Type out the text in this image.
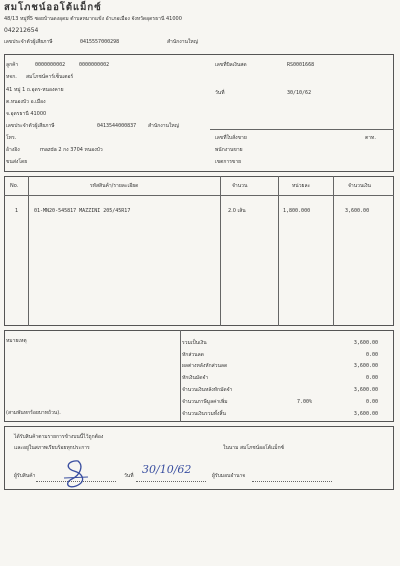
สมโภชน์ออโต้แม็กซ์
48/13 หมู่ที่5 ซอยบ้านดงอุดม ตำบลหมากแข้ง อำเภอเมือง จังหวัดอุดรธานี 41000
042212654
เลขประจำตัวผู้เสียภาษี	0415557000298	สำนักงานใหญ่
ลูกค้า	0000000002	0000000002
หจก. สมโภชน์คาร์เซ็นเตอร์
41 หมู่ 1 ถ.อุดร-หนองคาย
ต.หนองบัว อ.เมือง
จ.อุดรธานี 41000
เลขประจำตัวผู้เสียภาษี	0413544000837 สำนักงานใหญ่
โทร.
อ้างอิง	mazda 2 กง 3704 หนองบัว
ขนส่งโดย
เลขที่บิลเงินสด	RS0001668
วันที่	30/10/62
เลขที่ใบสั่งขาย	ตาท.
พนักงานขาย
เขตการขาย
No.	รหัสสินค้า/รายละเอียด	จำนวน	หน่วยละ	จำนวนเงิน
1	01-MN20-545817 MAZZINI 205/45R17	2.0 เส้น	1,800.000	3,600.00
หมายเหตุ
(สามพันหกร้อยบาทถ้วน).
รวมเป็นเงิน	3,600.00
หักส่วนลด	0.00
ผลต่างหลังหักส่วนลด	3,600.00
หักเงินมัดจำ	0.00
จำนวนเงินหลังหักมัดจำ	3,600.00
จำนวนภาษีมูลค่าเพิ่ม	7.00%	0.00
จำนวนเงินรวมทั้งสิ้น	3,600.00
ได้รับสินค้าตามรายการข้างบนนี้ไว้ถูกต้อง
และอยู่ในสภาพเรียบร้อยทุกประการ	ในนาม สมโภชน์ออโต้แม็กซ์
ผู้รับสินค้า	วันที่	ผู้รับมอบอำนาจ
30/10/62
